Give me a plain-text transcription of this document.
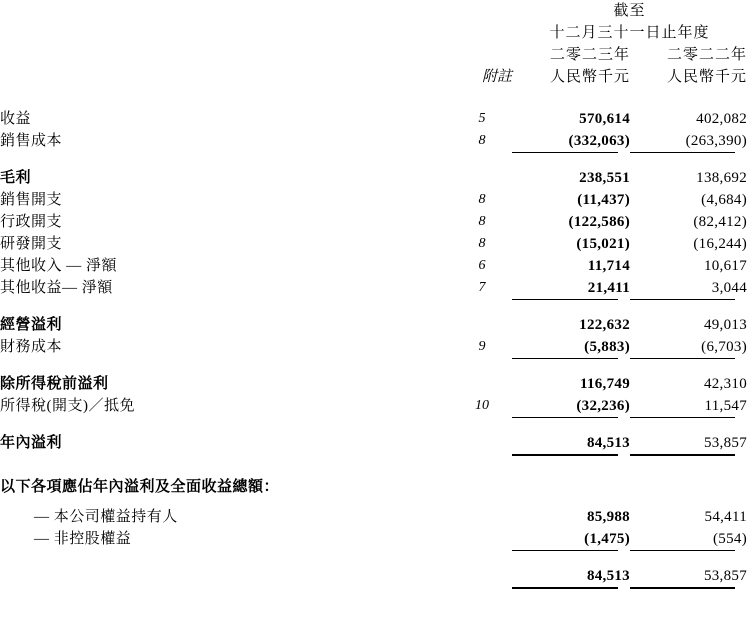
		截至	
		十二月三十一日止年度	
		二零二三年	二零二二年
	附註	人民幣千元	人民幣千元

收益	5	570,614	402,082
銷售成本	8	(332,063)	(263,390)

毛利		238,551	138,692
銷售開支	8	(11,437)	(4,684)
行政開支	8	(122,586)	(82,412)
研發開支	8	(15,021)	(16,244)
其他收入 — 淨額	6	11,714	10,617
其他收益— 淨額	7	21,411	3,044

經營溢利		122,632	49,013
財務成本	9	(5,883)	(6,703)

除所得稅前溢利		116,749	42,310
所得稅(開支)／抵免	10	(32,236)	11,547

年內溢利		84,513	53,857

以下各項應佔年內溢利及全面收益總額：			

— 本公司權益持有人		85,988	54,411
— 非控股權益		(1,475)	(554)

		84,513	53,857
